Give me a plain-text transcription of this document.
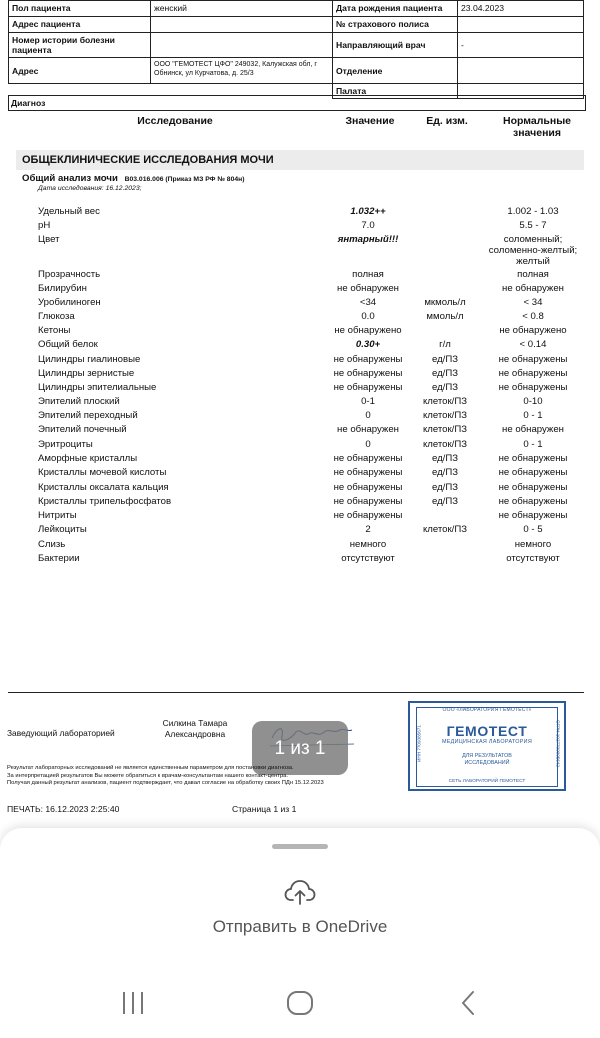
Пол пациента	женский	Дата рождения пациента	23.04.2023
Адрес пациента		№ страхового полиса	
Номер истории болезни пациента		Направляющий врач	-
Адрес	ООО "ГЕМОТЕСТ ЦФО" 249032, Калужская обл, г Обнинск, ул Курчатова, д. 25/3	Отделение	
		Палата	
Диагноз
Исследование	Значение	Ед. изм.	Нормальные значения
ОБЩЕКЛИНИЧЕСКИЕ ИССЛЕДОВАНИЯ МОЧИ
Общий анализ мочи В03.016.006 (Приказ МЗ РФ № 804н)
Дата исследования: 16.12.2023;
Удельный вес	1.032++	1.002 - 1.03
pH	7.0	5.5 - 7
Цвет	янтарный!!!	соломенный;
соломенно-желтый;
желтый
Прозрачность	полная	полная
Билирубин	не обнаружен	не обнаружен
Уробилиноген	<34	мкмоль/л	< 34
Глюкоза	0.0	ммоль/л	< 0.8
Кетоны	не обнаружено	не обнаружено
Общий белок	0.30+	г/л	< 0.14
Цилиндры гиалиновые	не обнаружены	ед/ПЗ	не обнаружены
Цилиндры зернистые	не обнаружены	ед/ПЗ	не обнаружены
Цилиндры эпителиальные	не обнаружены	ед/ПЗ	не обнаружены
Эпителий плоский	0-1	клеток/ПЗ	0-10
Эпителий переходный	0	клеток/ПЗ	0 - 1
Эпителий почечный	не обнаружен	клеток/ПЗ	не обнаружен
Эритроциты	0	клеток/ПЗ	0 - 1
Аморфные кристаллы	не обнаружены	ед/ПЗ	не обнаружены
Кристаллы мочевой кислоты	не обнаружены	ед/ПЗ	не обнаружены
Кристаллы оксалата кальция	не обнаружены	ед/ПЗ	не обнаружены
Кристаллы трипельфосфатов	не обнаружены	ед/ПЗ	не обнаружены
Нитриты	не обнаружены	не обнаружены
Лейкоциты	2	клеток/ПЗ	0 - 5
Слизь	немного	немного
Бактерии	отсутствуют	отсутствуют
Заведующий лабораторией
Силкина Тамара
Александровна
1 из 1
Результат лабораторных исследований не является единственным параметром для постановки диагноза.
За интерпретацией результатов Вы можете обратиться к врачам-консультантам нашего контакт-центра.
Получая данный результат анализов, пациент подтверждает, что давал согласие на обработку своих ПДн 15.12.2023
ПЕЧАТЬ: 16.12.2023 2:25:40	Страница 1 из 1
ООО «ЛАБОРАТОРИЯ ГЕМОТЕСТ»
ГЕМОТЕСТ
МЕДИЦИНСКАЯ ЛАБОРАТОРИЯ
ДЛЯ РЕЗУЛЬТАТОВ
ИССЛЕДОВАНИЙ
СЕТЬ ЛАБОРАТОРИЙ ГЕМОТЕСТ
ИНН 7709385671	ОГРН 1027709005642
Отправить в OneDrive
